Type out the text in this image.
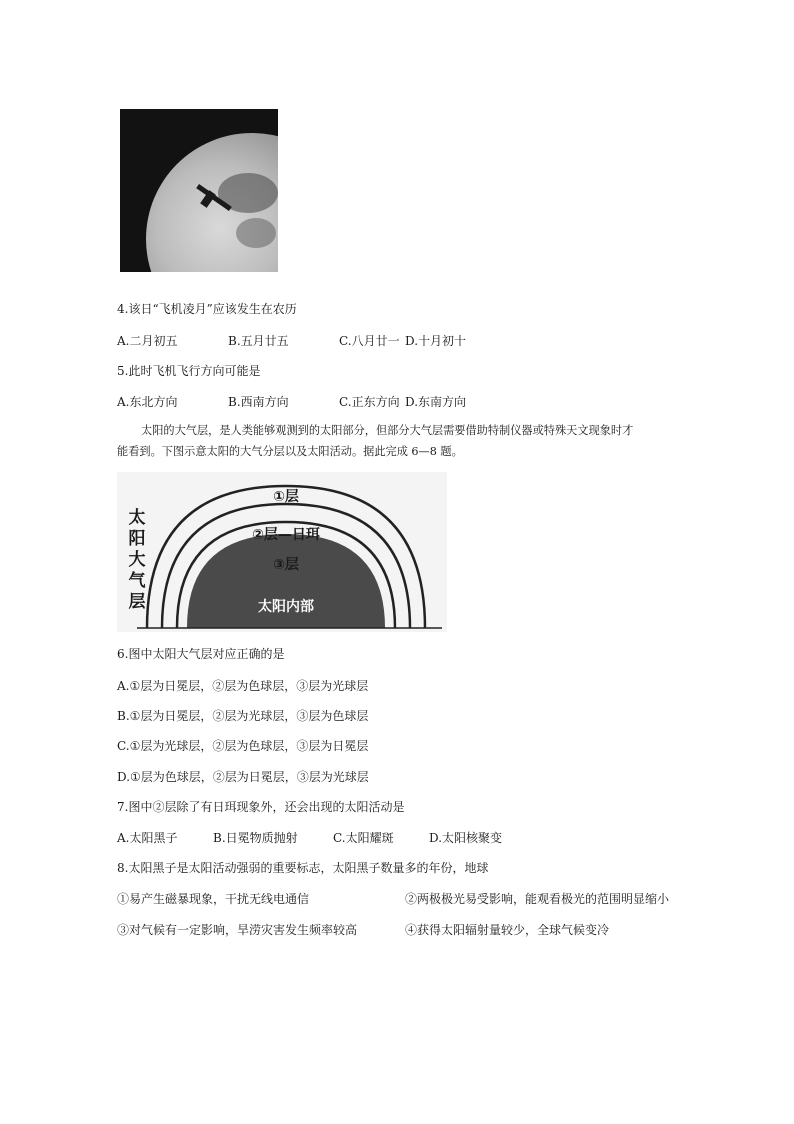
4.该日“飞机凌月”应该发生在农历
A.二月初五	B.五月廿五	C.八月廿一 D.十月初十
5.此时飞机飞行方向可能是
A.东北方向	B.西南方向	C.正东方向 D.东南方向
太阳的大气层，是人类能够观测到的太阳部分，但部分大气层需要借助特制仪器或特殊天文现象时才
能看到。下图示意太阳的大气分层以及太阳活动。据此完成 6—8 题。
太
阳
大
气
层
①层
②层—日珥
③层
太阳内部
6.图中太阳大气层对应正确的是
A.①层为日冕层，②层为色球层，③层为光球层
B.①层为日冕层，②层为光球层，③层为色球层
C.①层为光球层，②层为色球层，③层为日冕层
D.①层为色球层，②层为日冕层，③层为光球层
7.图中②层除了有日珥现象外，还会出现的太阳活动是
A.太阳黑子	B.日冕物质抛射	C.太阳耀斑	D.太阳核聚变
8.太阳黑子是太阳活动强弱的重要标志，太阳黑子数量多的年份，地球
①易产生磁暴现象，干扰无线电通信	②两极极光易受影响，能观看极光的范围明显缩小
③对气候有一定影响，旱涝灾害发生频率较高	④获得太阳辐射量较少，全球气候变冷
